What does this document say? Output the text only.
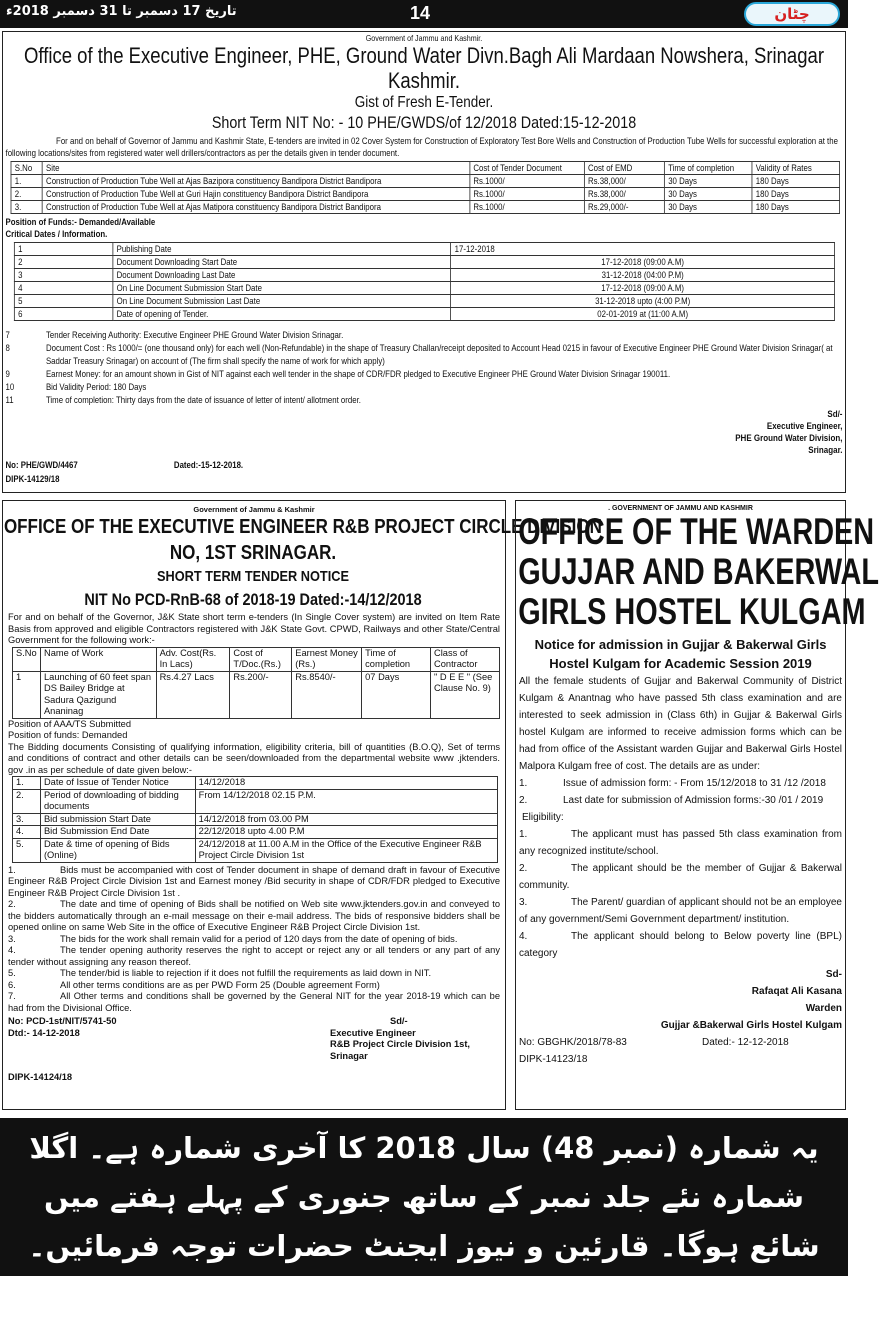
تاریخ 17 دسمبر تا 31 دسمبر 2018ء	14	چٹان
Government of Jammu and Kashmir.
Office of the Executive Engineer, PHE, Ground Water Divn.Bagh Ali Mardaan Nowshera, Srinagar Kashmir.
Gist of Fresh E-Tender.
Short Term NIT No: - 10 PHE/GWDS/of 12/2018 Dated:15-12-2018
For and on behalf of Governor of Jammu and Kashmir State, E-tenders are invited in 02 Cover System for Construction of Exploratory Test Bore Wells and Construction of Production Tube Wells for successful exploration at the following locations/sites from registered water well drillers/contractors as per the details given in tender document.
S.No	Site	Cost of Tender Document	Cost of EMD	Time of completion	Validity of Rates
1.	Construction of Production Tube Well at Ajas Bazipora constituency Bandipora District Bandipora	Rs.1000/	Rs.38,000/	30 Days	180 Days
2.	Construction of Production Tube Well at Guri Hajin constituency Bandipora District Bandipora	Rs.1000/	Rs.38,000/	30 Days	180 Days
3.	Construction of Production Tube Well at Ajas Matipora constituency Bandipora District Bandipora	Rs.1000/	Rs.29,000/-	30 Days	180 Days
Position of Funds:- Demanded/Available
Critical Dates / Information.
1	Publishing Date	17-12-2018
2	Document Downloading Start Date	17-12-2018 (09:00 A.M)
3	Document Downloading Last Date	31-12-2018 (04:00 P.M)
4	On Line Document Submission Start Date	17-12-2018 (09:00 A.M)
5	On Line Document Submission Last Date	31-12-2018 upto (4:00 P.M)
6	Date of opening of Tender.	02-01-2019 at (11:00 A.M)
7	Tender Receiving Authority: Executive Engineer PHE Ground Water Division Srinagar.
8	Document Cost : Rs 1000/= (one thousand only) for each well (Non-Refundable) in the shape of Treasury Challan/receipt deposited to Account Head 0215 in favour of Executive Engineer PHE Ground Water Division Srinagar( at Saddar Treasury Srinagar) on account of (The firm shall specify the name of work for which apply)
9	Earnest Money: for an amount shown in Gist of NIT against each well tender in the shape of CDR/FDR pledged to Executive Engineer PHE Ground Water Division Srinagar 190011.
10	Bid Validity Period: 180 Days
11	Time of completion: Thirty days from the date of issuance of letter of intent/ allotment order.
Sd/-
Executive Engineer,
PHE Ground Water Division,
Srinagar.
No: PHE/GWD/4467	Dated:-15-12-2018.
DIPK-14129/18
Government of Jammu & Kashmir
OFFICE OF THE EXECUTIVE ENGINEER R&B PROJECT CIRCLE DIVISION
NO, 1ST SRINAGAR.
SHORT TERM TENDER NOTICE
NIT No PCD-RnB-68 of 2018-19 Dated:-14/12/2018
For and on behalf of the Governor, J&K State short term e-tenders (In Single Cover system) are invited on Item Rate Basis from approved and eligible Contractors registered with J&K State Govt. CPWD, Railways and other State/Central Government for the following work:-
S.No	Name of Work	Adv. Cost(Rs. In Lacs)	Cost of T/Doc.(Rs.)	Earnest Money (Rs.)	Time of completion	Class of Contractor
1	Launching of 60 feet span DS Bailey Bridge at Sadura Qazigund Ananinag	Rs.4.27 Lacs	Rs.200/-	Rs.8540/-	07 Days	" D E E " (See Clause No. 9)
Position of AAA/TS Submitted
Position of funds: Demanded
The Bidding documents Consisting of qualifying information, eligibility criteria, bill of quantities (B.O.Q), Set of terms and conditions of contract and other details can be seen/downloaded from the departmental website www .jktenders. gov .in as per schedule of date given below:-
1.	Date of Issue of Tender Notice	14/12/2018
2.	Period of downloading of bidding documents	From 14/12/2018 02.15 P.M.
3.	Bid submission Start Date	14/12/2018 from 03.00 PM
4.	Bid Submission End Date	22/12/2018 upto 4.00 P.M
5.	Date & time of opening of Bids (Online)	24/12/2018 at 11.00 A.M in the Office of the Executive Engineer R&B Project Circle Division 1st
1.	Bids must be accompanied with cost of Tender document in shape of demand draft in favour of Executive Engineer R&B Project Circle Division 1st and Earnest money /Bid security in shape of CDR/FDR pledged to Executive Engineer R&B Project Circle Division 1st .
2.	The date and time of opening of Bids shall be notified on Web site www.jktenders.gov.in and conveyed to the bidders automatically through an e-mail message on their e-mail address. The bids of responsive bidders shall be opened online on same Web Site in the office of Executive Engineer R&B Project Circle Division 1st.
3.	The bids for the work shall remain valid for a period of 120 days from the date of opening of bids.
4.	The tender opening authority reserves the right to accept or reject any or all tenders or any part of any tender without assigning any reason thereof.
5.	The tender/bid is liable to rejection if it does not fulfill the requirements as laid down in NIT.
6.	All other terms conditions are as per PWD Form 25 (Double agreement Form)
7.	All Other terms and conditions shall be governed by the General NIT for the year 2018-19 which can be had from the Divisional Office.
No: PCD-1st/NIT/5741-50
Dtd:- 14-12-2018
Sd/-
Executive Engineer
R&B Project Circle Division 1st,
Srinagar
DIPK-14124/18
. GOVERNMENT OF JAMMU AND KASHMIR
OFFICE OF THE WARDEN
GUJJAR AND BAKERWAL
GIRLS HOSTEL KULGAM
Notice for admission in Gujjar & Bakerwal Girls
Hostel Kulgam for Academic Session 2019
All the female students of Gujjar and Bakerwal Community of District Kulgam & Anantnag who have passed 5th class examination and are interested to seek admission in (Class 6th) in Gujjar & Bakerwal Girls hostel Kulgam are informed to receive admission forms which can be had from office of the Assistant warden Gujjar and Bakerwal Girls Hostel Malpora Kulgam free of cost. The details are as under:
1.	Issue of admission form: - From 15/12/2018 to 31 /12 /2018
2.	Last date for submission of Admission forms:-30 /01 / 2019
Eligibility:
1.	The applicant must has passed 5th class examination from any recognized institute/school.
2.	The applicant should be the member of Gujjar & Bakerwal community.
3.	The Parent/ guardian of applicant should not be an employee of any government/Semi Government department/ institution.
4.	The applicant should belong to Below poverty line (BPL) category
Sd-
Rafaqat Ali Kasana
Warden
Gujjar &Bakerwal Girls Hostel Kulgam
No: GBGHK/2018/78-83	Dated:- 12-12-2018
DIPK-14123/18
یہ شمارہ (نمبر 48) سال 2018 کا آخری شمارہ ہے۔ اگلا
شمارہ نئے جلد نمبر کے ساتھ جنوری کے پہلے ہفتے میں
شائع ہوگا۔ قارئین و نیوز ایجنٹ حضرات توجہ فرمائیں۔ ادارہ
